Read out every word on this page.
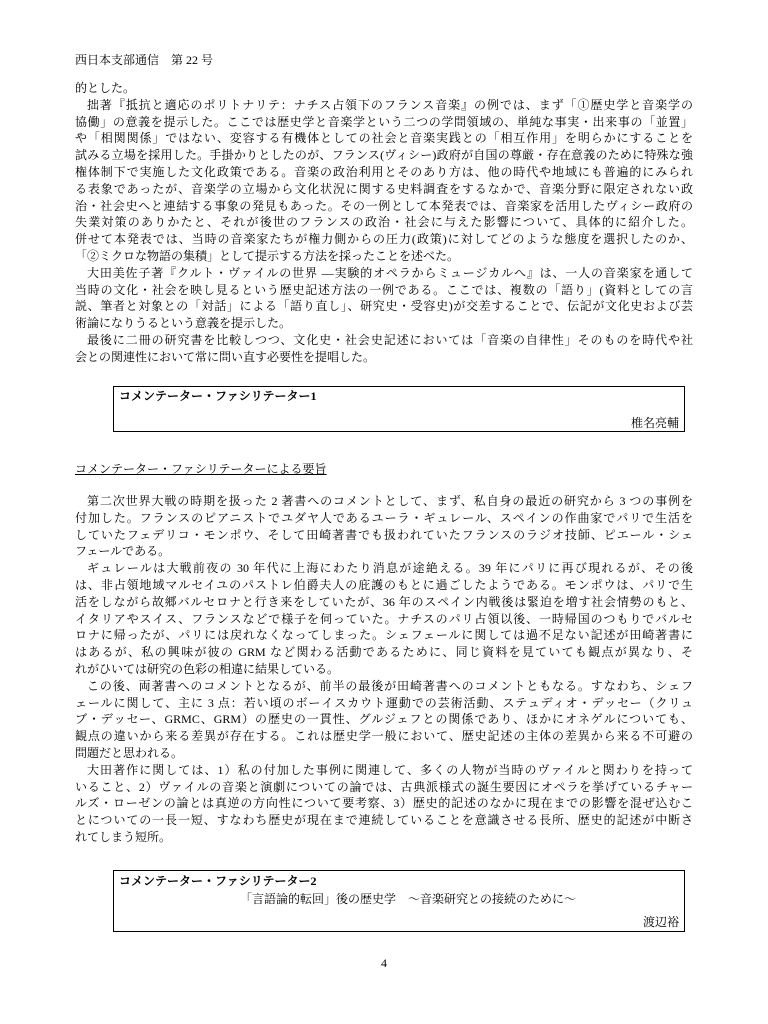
西日本支部通信　第 22 号
的とした。
拙著『抵抗と適応のポリトナリテ：ナチス占領下のフランス音楽』の例では、まず「①歴史学と音楽学の
協働」の意義を提示した。ここでは歴史学と音楽学という二つの学問領域の、単純な事実・出来事の「並置」
や「相関関係」ではない、変容する有機体としての社会と音楽実践との「相互作用」を明らかにすることを
試みる立場を採用した。手掛かりとしたのが、フランス(ヴィシー)政府が自国の尊厳・存在意義のために特殊な強
権体制下で実施した文化政策である。音楽の政治利用とそのあり方は、他の時代や地域にも普遍的にみられ
る表象であったが、音楽学の立場から文化状況に関する史料調査をするなかで、音楽分野に限定されない政
治・社会史へと連結する事象の発見もあった。その一例として本発表では、音楽家を活用したヴィシー政府の
失業対策のありかたと、それが後世のフランスの政治・社会に与えた影響について、具体的に紹介した。
併せて本発表では、当時の音楽家たちが権力側からの圧力(政策)に対してどのような態度を選択したのか、
「②ミクロな物語の集積」として提示する方法を採ったことを述べた。
大田美佐子著『クルト・ヴァイルの世界 ―実験的オペラからミュージカルへ』は、一人の音楽家を通して
当時の文化・社会を映し見るという歴史記述方法の一例である。ここでは、複数の「語り」(資料としての言
説、筆者と対象との「対話」による「語り直し」、研究史・受容史)が交差することで、伝記が文化史および芸
術論になりうるという意義を提示した。
最後に二冊の研究書を比較しつつ、文化史・社会史記述においては「音楽の自律性」そのものを時代や社
会との関連性において常に問い直す必要性を提唱した。
コメンテーター・ファシリテーター1
椎名亮輔
コメンテーター・ファシリテーターによる要旨
第二次世界大戦の時期を扱った 2 著書へのコメントとして、まず、私自身の最近の研究から 3 つの事例を
付加した。フランスのピアニストでユダヤ人であるユーラ・ギュレール、スペインの作曲家でパリで生活を
していたフェデリコ・モンポウ、そして田崎著書でも扱われていたフランスのラジオ技師、ピエール・シェ
フェールである。
ギュレールは大戦前夜の 30 年代に上海にわたり消息が途絶える。39 年にパリに再び現れるが、その後
は、非占領地域マルセイユのパストレ伯爵夫人の庇護のもとに過ごしたようである。モンポウは、パリで生
活をしながら故郷バルセロナと行き来をしていたが、36 年のスペイン内戦後は緊迫を増す社会情勢のもと、
イタリアやスイス、フランスなどで様子を伺っていた。ナチスのパリ占領以後、一時帰国のつもりでバルセ
ロナに帰ったが、パリには戻れなくなってしまった。シェフェールに関しては過不足ない記述が田崎著書に
はあるが、私の興味が彼の GRM など関わる活動であるために、同じ資料を見ていても観点が異なり、そ
れがひいては研究の色彩の相違に結果している。
この後、両著書へのコメントとなるが、前半の最後が田崎著書へのコメントともなる。すなわち、シェフ
ェールに関して、主に 3 点：若い頃のボーイスカウト運動での芸術活動、ステュディオ・デッセー（クリュ
ブ・デッセー、GRMC、GRM）の歴史の一貫性、グルジェフとの関係であり、ほかにオネゲルについても、
観点の違いから来る差異が存在する。これは歴史学一般において、歴史記述の主体の差異から来る不可避の
問題だと思われる。
大田著作に関しては、1）私の付加した事例に関連して、多くの人物が当時のヴァイルと関わりを持って
いること、2）ヴァイルの音楽と演劇についての論では、古典派様式の誕生要因にオペラを挙げているチャー
ルズ・ローゼンの論とは真逆の方向性について要考察、3）歴史的記述のなかに現在までの影響を混ぜ込むこ
とについての一長一短、すなわち歴史が現在まで連続していることを意識させる長所、歴史的記述が中断さ
れてしまう短所。
コメンテーター・ファシリテーター2
「言語論的転回」後の歴史学　～音楽研究との接続のために～
渡辺裕
4
